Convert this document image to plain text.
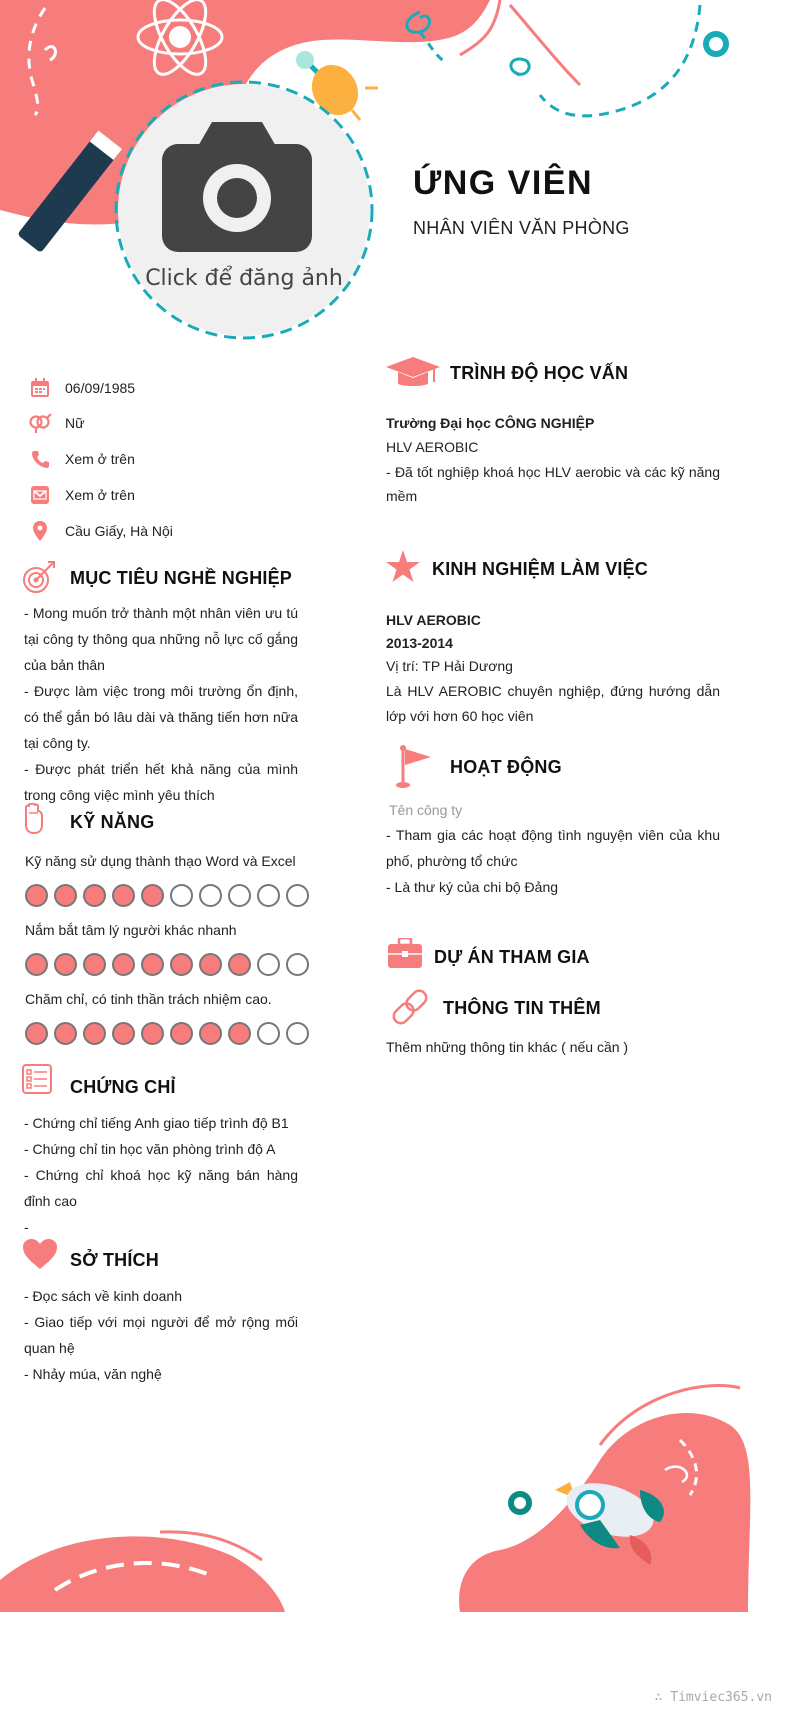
Click để đăng ảnh
ỨNG VIÊN
NHÂN VIÊN VĂN PHÒNG
06/09/1985
Nữ
Xem ở trên
Xem ở trên
Cầu Giấy, Hà Nội
MỤC TIÊU NGHỀ NGHIỆP

- Mong muốn trở thành một nhân viên ưu tú tại công ty thông qua những nỗ lực cố gắng của bản thân

- Được làm việc trong môi trường ổn định, có thể gắn bó lâu dài và thăng tiến hơn nữa tại công ty.

- Được phát triển hết khả năng của mình trong công việc mình yêu thích

KỸ NĂNG
Kỹ năng sử dụng thành thạo Word và Excel
Nắm bắt tâm lý người khác nhanh
Chăm chỉ, có tinh thần trách nhiệm cao.
CHỨNG CHỈ

- Chứng chỉ tiếng Anh giao tiếp trình độ B1

- Chứng chỉ tin học văn phòng trình độ A

- Chứng chỉ khoá học kỹ năng bán hàng đỉnh cao

-

SỞ THÍCH

- Đọc sách về kinh doanh

- Giao tiếp với mọi người để mở rộng mối quan hệ

- Nhảy múa, văn nghệ

TRÌNH ĐỘ HỌC VẤN

Trường Đại học CÔNG NGHIỆP

HLV AEROBIC

- Đã tốt nghiệp khoá học HLV aerobic và các kỹ năng mềm

KINH NGHIỆM LÀM VIỆC

HLV AEROBIC

2013-2014

Vị trí: TP Hải Dương

Là HLV AEROBIC chuyên nghiệp, đứng hướng dẫn lớp với hơn 60 học viên

HOẠT ĐỘNG

Tên công ty

- Tham gia các hoạt động tình nguyện viên của khu phố, phường tổ chức

- Là thư ký của chi bộ Đảng

DỰ ÁN THAM GIA
THÔNG TIN THÊM
Thêm những thông tin khác ( nếu cần )
∴ Timviec365.vn
